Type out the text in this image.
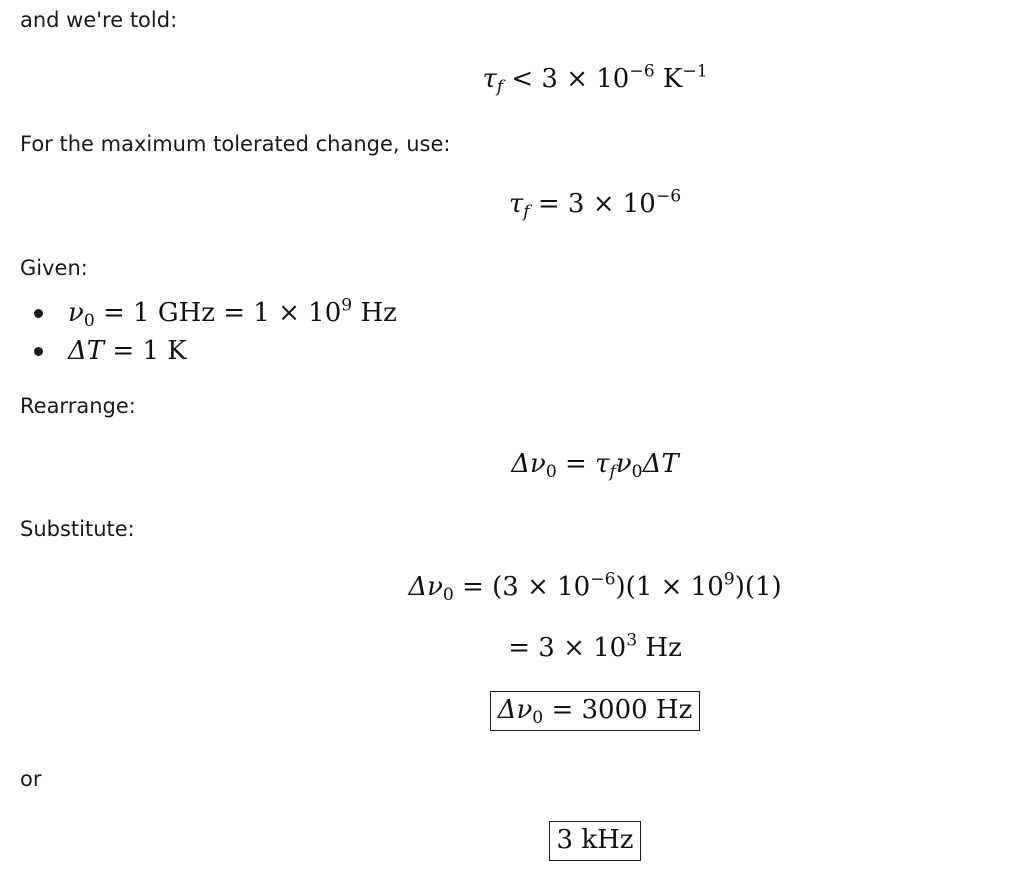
and we're told:

$\tau_f < 3 \times 10^{-6}$ $K^{-1}$

For the maximum tolerated change, use:

$\tau_f = 3 \times 10^{-6}$

Given:

$\nu_0 = 1$ GHz = $1 \times 10^9$ Hz
ΔT = 1 K

Rearrange:

$\Delta\nu_0 = \tau_f\nu_0\Delta T$

Substitute:

$\Delta\nu_0 = (3 \times 10^{-6})(1 \times 10^9)(1)$
= $3 \times 10^3$ Hz
$\Delta\nu_0 = 3000$ Hz

or

3 kHz
